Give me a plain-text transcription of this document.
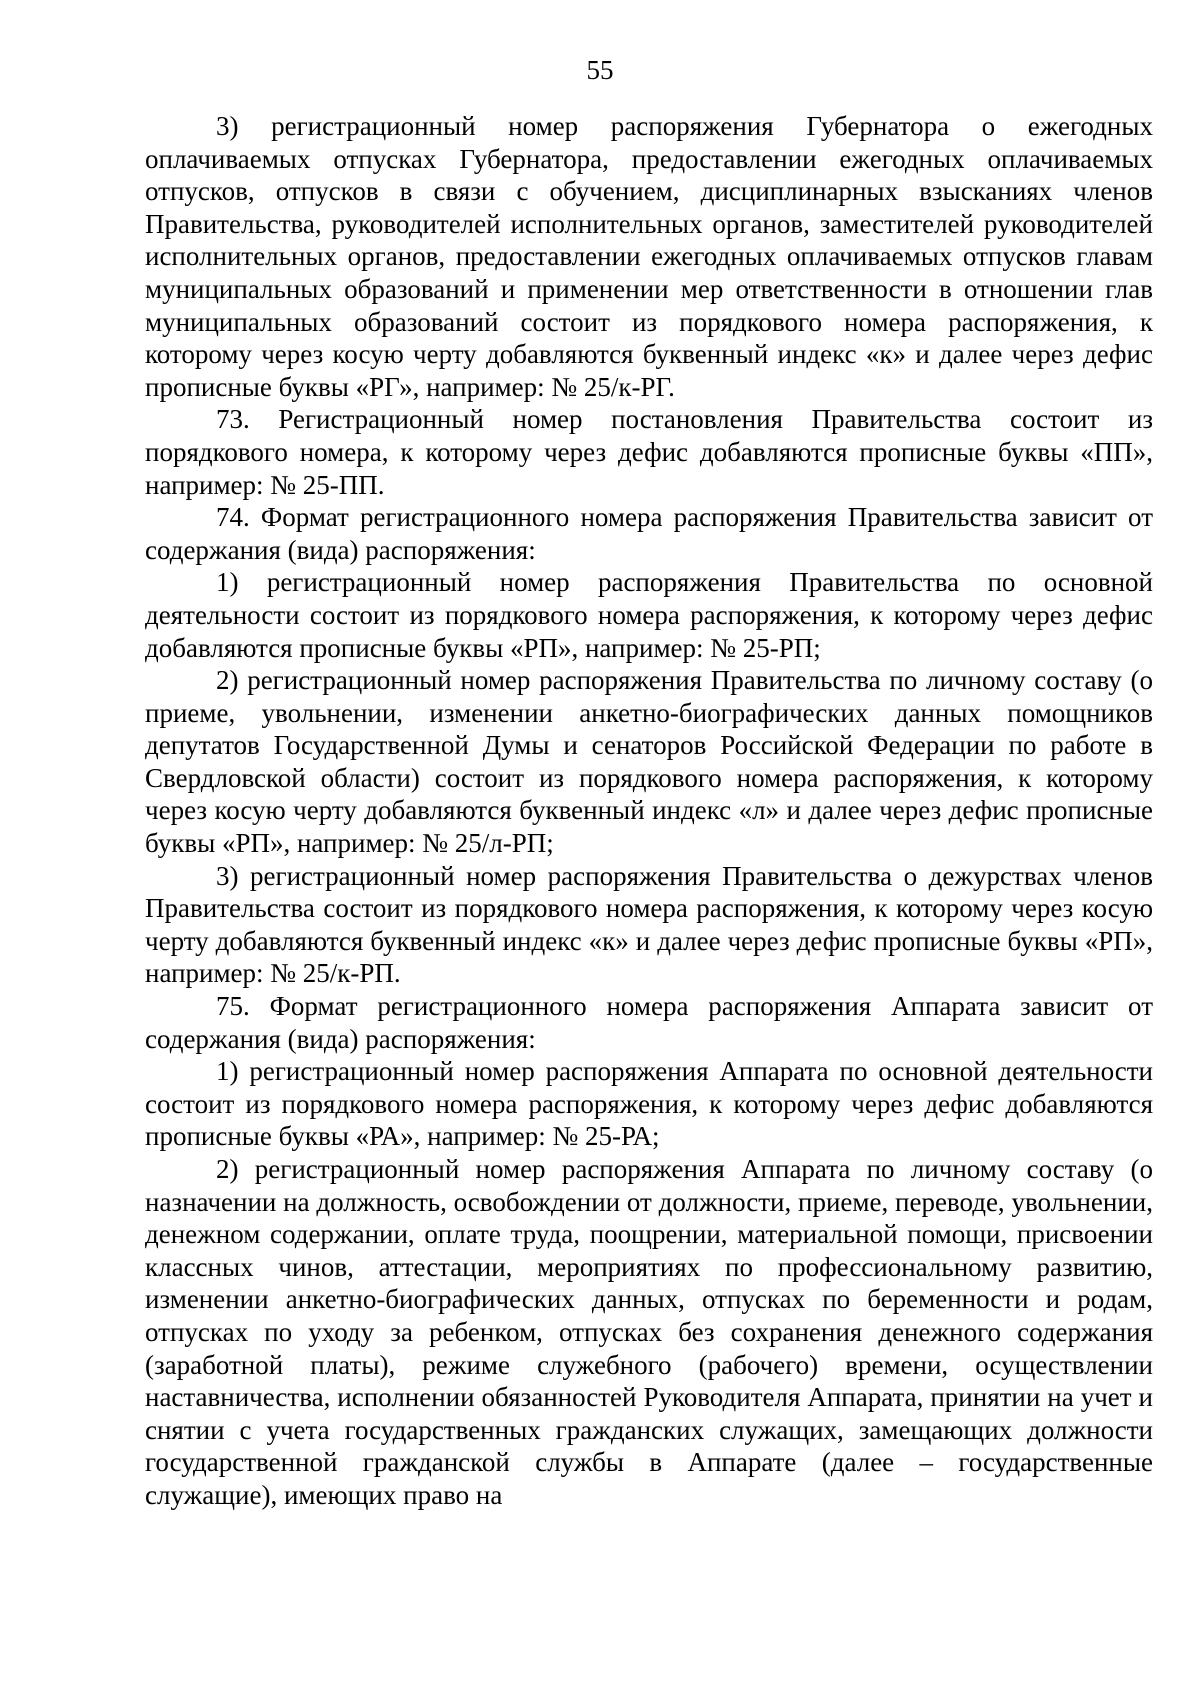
55

3) регистрационный номер распоряжения Губернатора о ежегодных оплачиваемых отпусках Губернатора, предоставлении ежегодных оплачиваемых отпусков, отпусков в связи с обучением, дисциплинарных взысканиях членов Правительства, руководителей исполнительных органов, заместителей руководителей исполнительных органов, предоставлении ежегодных оплачиваемых отпусков главам муниципальных образований и применении мер ответственности в отношении глав муниципальных образований состоит из порядкового номера распоряжения, к которому через косую черту добавляются буквенный индекс «к» и далее через дефис прописные буквы «РГ», например: № 25/к-РГ.

73. Регистрационный номер постановления Правительства состоит из порядкового номера, к которому через дефис добавляются прописные буквы «ПП», например: № 25-ПП.

74. Формат регистрационного номера распоряжения Правительства зависит от содержания (вида) распоряжения:

1) регистрационный номер распоряжения Правительства по основной деятельности состоит из порядкового номера распоряжения, к которому через дефис добавляются прописные буквы «РП», например: № 25-РП;

2) регистрационный номер распоряжения Правительства по личному составу (о приеме, увольнении, изменении анкетно-биографических данных помощников депутатов Государственной Думы и сенаторов Российской Федерации по работе в Свердловской области) состоит из порядкового номера распоряжения, к которому через косую черту добавляются буквенный индекс «л» и далее через дефис прописные буквы «РП», например: № 25/л-РП;

3) регистрационный номер распоряжения Правительства о дежурствах членов Правительства состоит из порядкового номера распоряжения, к которому через косую черту добавляются буквенный индекс «к» и далее через дефис прописные буквы «РП», например: № 25/к-РП.

75. Формат регистрационного номера распоряжения Аппарата зависит от содержания (вида) распоряжения:

1) регистрационный номер распоряжения Аппарата по основной деятельности состоит из порядкового номера распоряжения, к которому через дефис добавляются прописные буквы «РА», например: № 25-РА;

2) регистрационный номер распоряжения Аппарата по личному составу (о назначении на должность, освобождении от должности, приеме, переводе, увольнении, денежном содержании, оплате труда, поощрении, материальной помощи, присвоении классных чинов, аттестации, мероприятиях по профессиональному развитию, изменении анкетно-биографических данных, отпусках по беременности и родам, отпусках по уходу за ребенком, отпусках без сохранения денежного содержания (заработной платы), режиме служебного (рабочего) времени, осуществлении наставничества, исполнении обязанностей Руководителя Аппарата, принятии на учет и снятии с учета государственных гражданских служащих, замещающих должности государственной гражданской службы в Аппарате (далее – государственные служащие), имеющих право на
